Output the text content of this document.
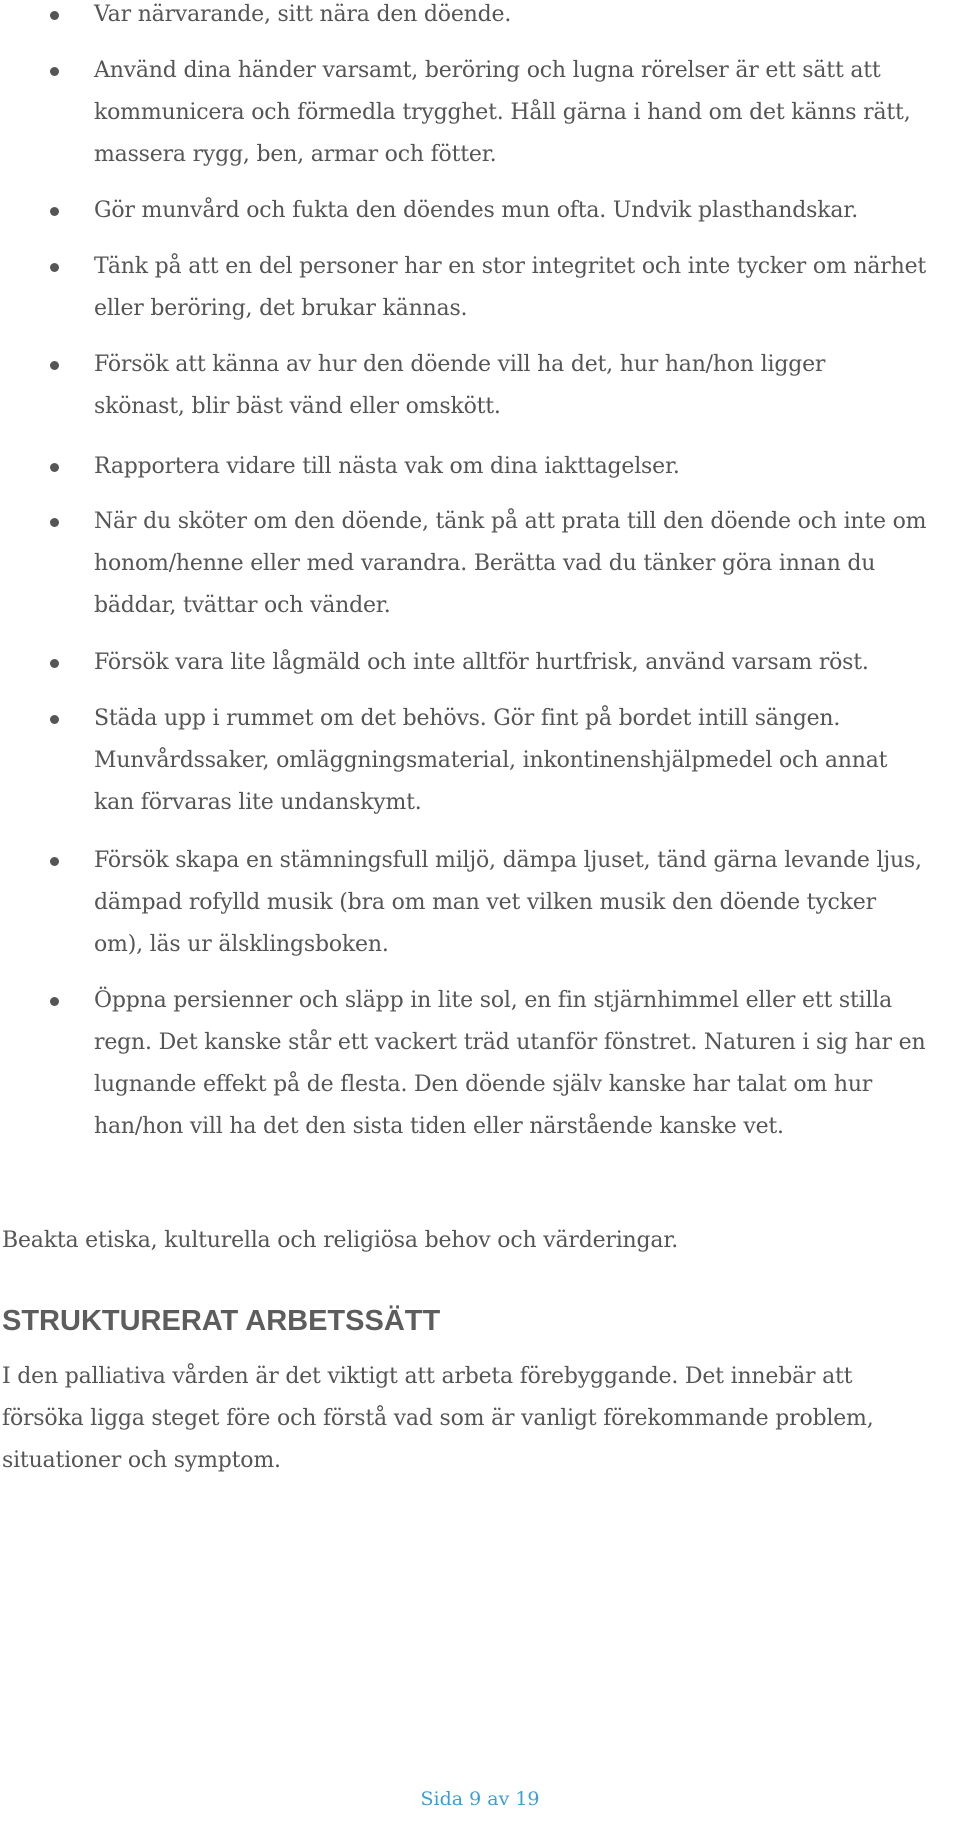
Var närvarande, sitt nära den döende.
Använd dina händer varsamt, beröring och lugna rörelser är ett sätt att
kommunicera och förmedla trygghet. Håll gärna i hand om det känns rätt,
massera rygg, ben, armar och fötter.
Gör munvård och fukta den döendes mun ofta. Undvik plasthandskar.
Tänk på att en del personer har en stor integritet och inte tycker om närhet
eller beröring, det brukar kännas.
Försök att känna av hur den döende vill ha det, hur han/hon ligger
skönast, blir bäst vänd eller omskött.
Rapportera vidare till nästa vak om dina iakttagelser.
När du sköter om den döende, tänk på att prata till den döende och inte om
honom/henne eller med varandra. Berätta vad du tänker göra innan du
bäddar, tvättar och vänder.
Försök vara lite lågmäld och inte alltför hurtfrisk, använd varsam röst.
Städa upp i rummet om det behövs. Gör fint på bordet intill sängen.
Munvårdssaker, omläggningsmaterial, inkontinenshjälpmedel och annat
kan förvaras lite undanskymt.
Försök skapa en stämningsfull miljö, dämpa ljuset, tänd gärna levande ljus,
dämpad rofylld musik (bra om man vet vilken musik den döende tycker
om), läs ur älsklingsboken.
Öppna persienner och släpp in lite sol, en fin stjärnhimmel eller ett stilla
regn. Det kanske står ett vackert träd utanför fönstret. Naturen i sig har en
lugnande effekt på de flesta. Den döende själv kanske har talat om hur
han/hon vill ha det den sista tiden eller närstående kanske vet.
Beakta etiska, kulturella och religiösa behov och värderingar.
STRUKTURERAT ARBETSSÄTT
I den palliativa vården är det viktigt att arbeta förebyggande. Det innebär att
försöka ligga steget före och förstå vad som är vanligt förekommande problem,
situationer och symptom.
Sida 9 av 19
